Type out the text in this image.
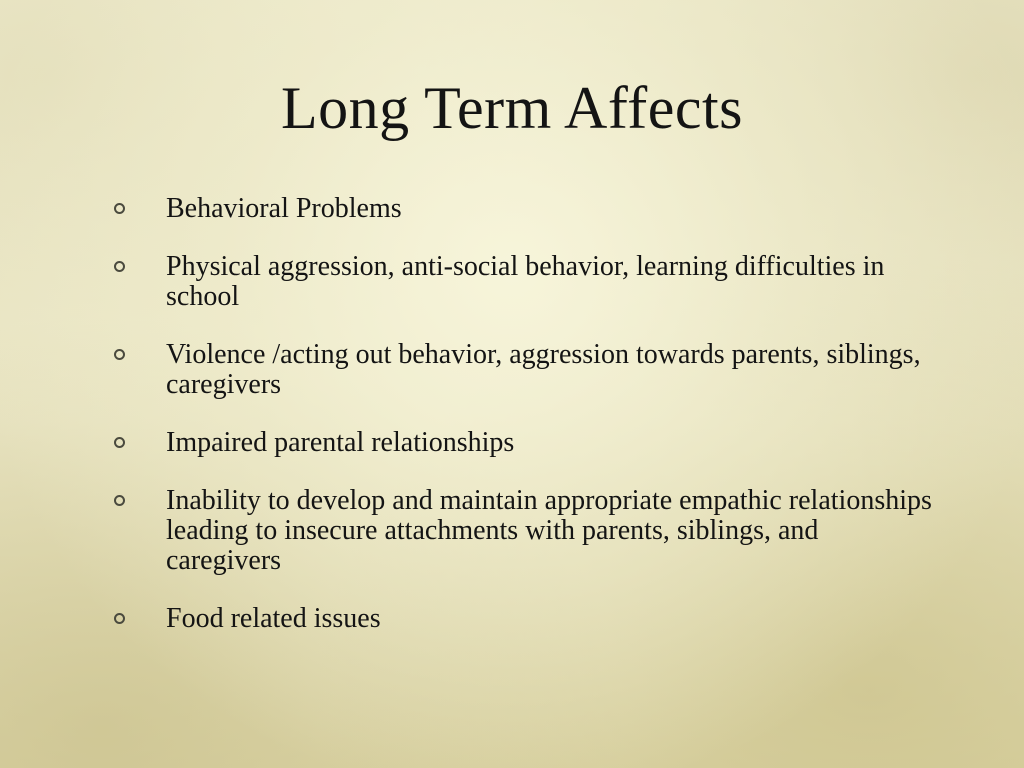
Long Term Affects
Behavioral Problems
Physical aggression, anti-social behavior, learning difficulties in school
Violence /acting out behavior, aggression towards parents, siblings, caregivers
Impaired parental relationships
Inability to develop and maintain appropriate empathic relationships leading to insecure attachments with parents, siblings, and caregivers
Food related issues
